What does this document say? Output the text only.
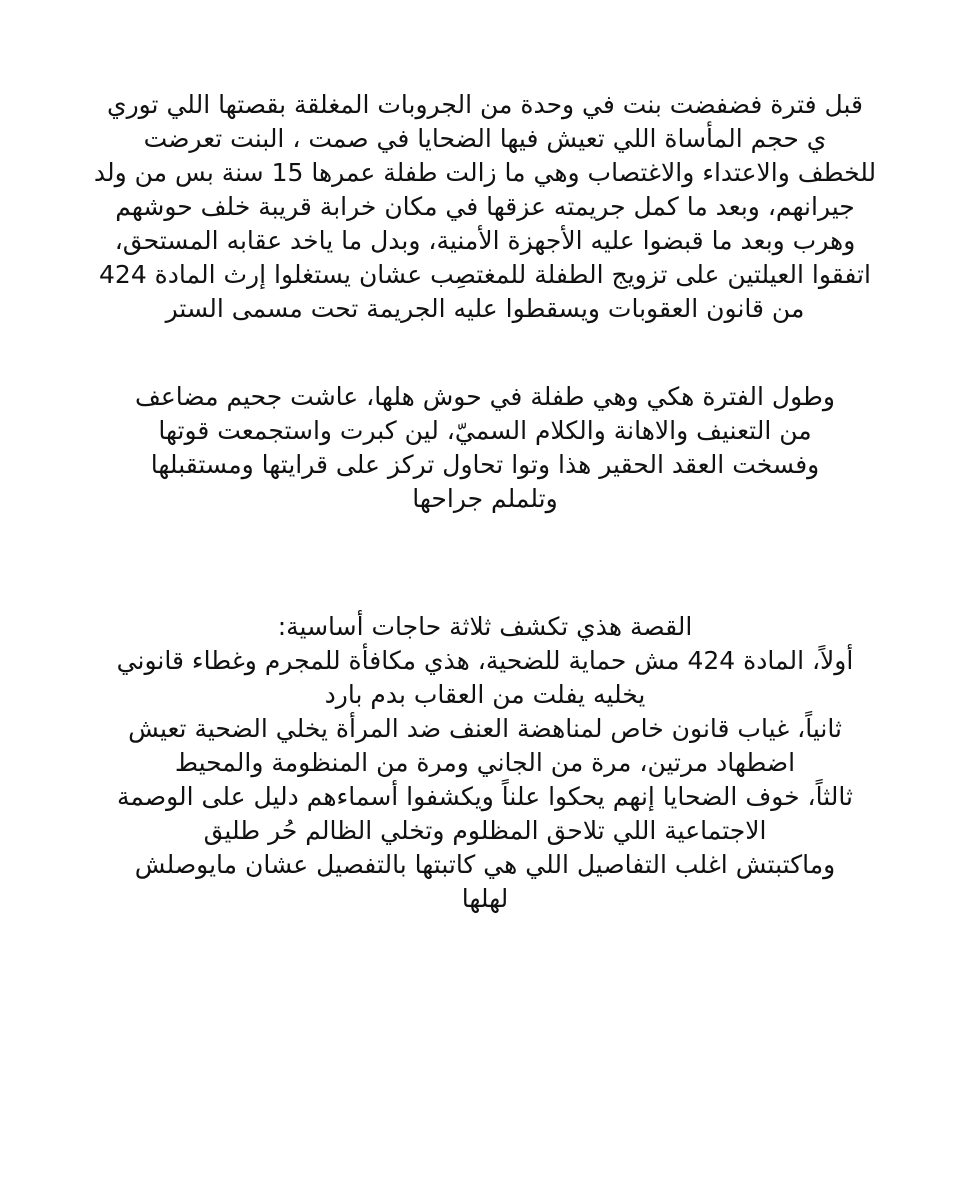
قبل فترة فضفضت بنت في وحدة من الجروبات المغلقة بقصتها اللي توري
ي حجم المأساة اللي تعيش فيها الضحايا في صمت ، البنت تعرضت
للخطف والاعتداء والاغتصاب وهي ما زالت طفلة عمرها 15 سنة بس من ولد
جيرانهم، وبعد ما كمل جريمته عزقها في مكان خرابة قريبة خلف حوشهم
وهرب وبعد ما قبضوا عليه الأجهزة الأمنية، وبدل ما ياخد عقابه المستحق،
اتفقوا العيلتين على تزويج الطفلة للمغتصِب عشان يستغلوا إرث المادة 424
من قانون العقوبات ويسقطوا عليه الجريمة تحت مسمى الستر

وطول الفترة هكي وهي طفلة في حوش هلها، عاشت جحيم مضاعف
من التعنيف والاهانة والكلام السميّ، لين كبرت واستجمعت قوتها
وفسخت العقد الحقير هذا وتوا تحاول تركز على قرايتها ومستقبلها
وتلملم جراحها

القصة هذي تكشف ثلاثة حاجات أساسية:
أولاً، المادة 424 مش حماية للضحية، هذي مكافأة للمجرم وغطاء قانوني
يخليه يفلت من العقاب بدم بارد
ثانياً، غياب قانون خاص لمناهضة العنف ضد المرأة يخلي الضحية تعيش
اضطهاد مرتين، مرة من الجاني ومرة من المنظومة والمحيط
ثالثاً، خوف الضحايا إنهم يحكوا علناً ويكشفوا أسماءهم دليل على الوصمة
الاجتماعية اللي تلاحق المظلوم وتخلي الظالم حُر طليق
وماكتبتش اغلب التفاصيل اللي هي كاتبتها بالتفصيل عشان مايوصلش
لهلها
